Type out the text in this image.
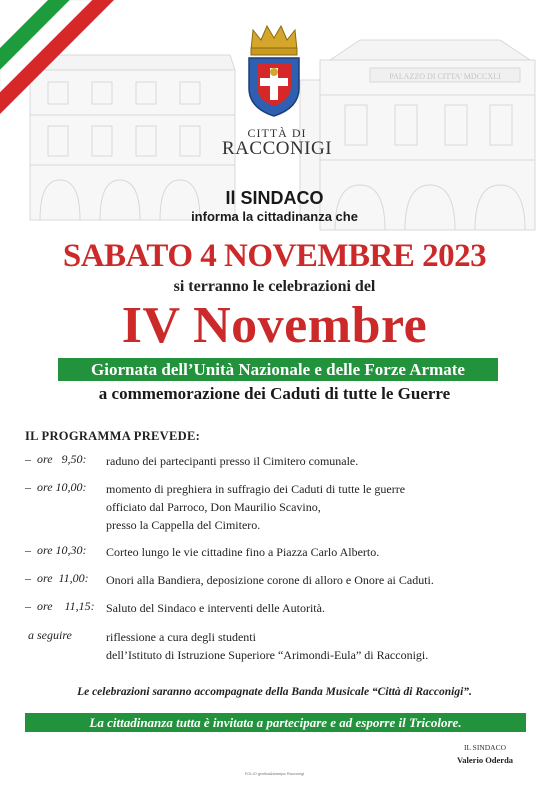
PALAZZO DI CITTA' MDCCXLI
CITTÀ DI
RACCONIGI
Il SINDACO
informa la cittadinanza che
SABATO 4 NOVEMBRE 2023
si terranno le celebrazioni del
IV Novembre
Giornata dell’Unità Nazionale e delle Forze Armate
a commemorazione dei Caduti di tutte le Guerre
IL PROGRAMMA PREVEDE:
–  ore   9,50: raduno dei partecipanti presso il Cimitero comunale.
–  ore 10,00: momento di preghiera in suffragio dei Caduti di tutte le guerre
officiato dal Parroco, Don Maurilio Scavino,
presso la Cappella del Cimitero.
–  ore 10,30: Corteo lungo le vie cittadine fino a Piazza Carlo Alberto.
–  ore  11,00: Onori alla Bandiera, deposizione corone di alloro e Onore ai Caduti.
–  ore    11,15: Saluto del Sindaco e interventi delle Autorità.
a seguire	riflessione a cura degli studenti
dell’Istituto di Istruzione Superiore “Arimondi-Eula” di Racconigi.
Le celebrazioni saranno accompagnate della Banda Musicale “Città di Racconigi”.
La cittadinanza tutta è invitata a partecipare e ad esporre il Tricolore.
IL SINDACO
Valerio Oderda
FOLIO grafica&stampa Racconigi
